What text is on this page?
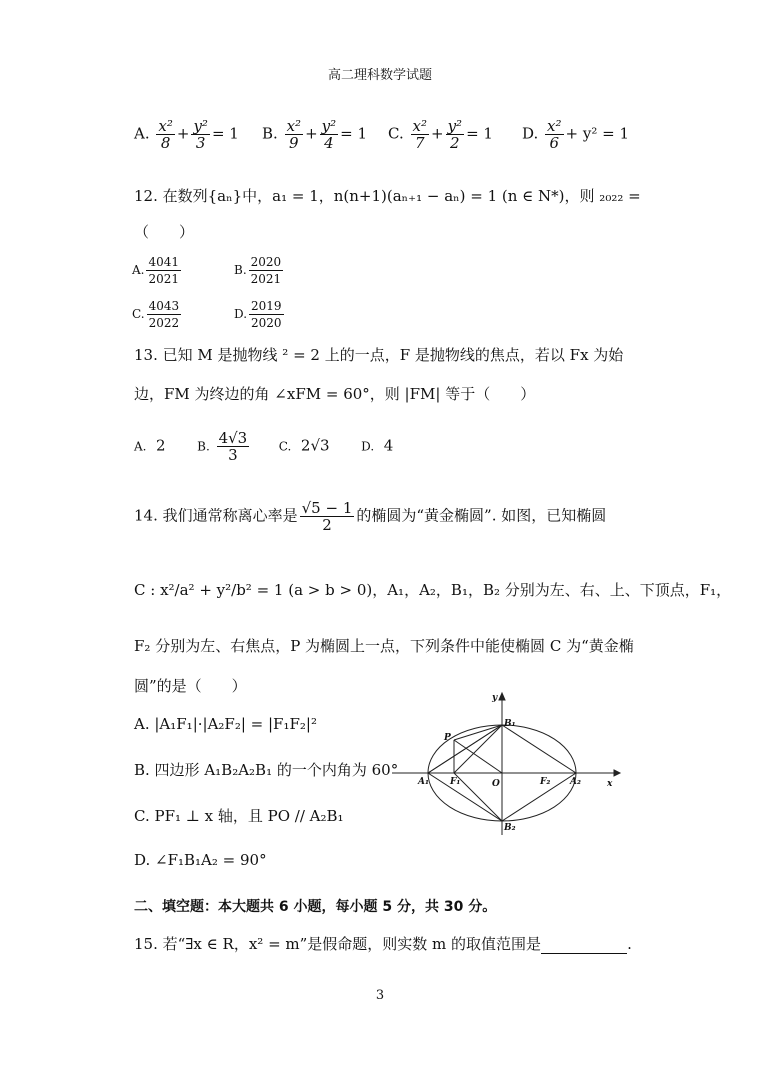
高二理科数学试题
A. $\frac{\text{x²}}{8} + \frac{\text{y²}}{3} = 1$ B. $\frac{\text{x²}}{9} + \frac{\text{y²}}{4} = 1$ C. $\frac{\text{x²}}{7} + \frac{\text{y²}}{2} = 1$ D. $\frac{\text{x²}}{6} + y^2 = 1$
12. 在数列{aₙ}中，a₁ = 1，n(n+1)(aₙ₊₁ − aₙ) = 1 (n ∈ N*)，则 ₂₀₂₂ =
（　　）
A. $\frac{4041}{2021}$	B. $\frac{2020}{2021}$
C. $\frac{4043}{2022}$	D. $\frac{2019}{2020}$
13. 已知 M 是抛物线 ² = 2 上的一点，F 是抛物线的焦点，若以 Fx 为始
边，FM 为终边的角 ∠xFM = 60°，则 |FM| 等于（　　）
A. 2	B. $\frac{4√3}{3} C$. 2√3	D. 4
14. 我们通常称离心率是 $\frac{√5 - 1}{2}$ 的椭圆为“黄金椭圆”. 如图，已知椭圆
C : x²/a² + y²/b² = 1 (a > b > 0)，A₁，A₂，B₁，B₂ 分别为左、右、上、下顶点，F₁，
F₂ 分别为左、右焦点，P 为椭圆上一点，下列条件中能使椭圆 C 为“黄金椭
圆”的是（　　）
A. |A₁F₁|·|A₂F₂| = |F₁F₂|²
B. 四边形 A₁B₂A₂B₁ 的一个内角为 60°
C. PF₁ ⊥ x 轴，且 PO // A₂B₁
D. ∠F₁B₁A₂ = 90°
y
x
O
P
A₁	A₂
B₁
B₂
F₁	F₂
二、填空题：本大题共 6 小题，每小题 5 分，共 30 分。
15. 若“∃x ∈ R，x² = m”是假命题，则实数 m 的取值范围是	.
3
